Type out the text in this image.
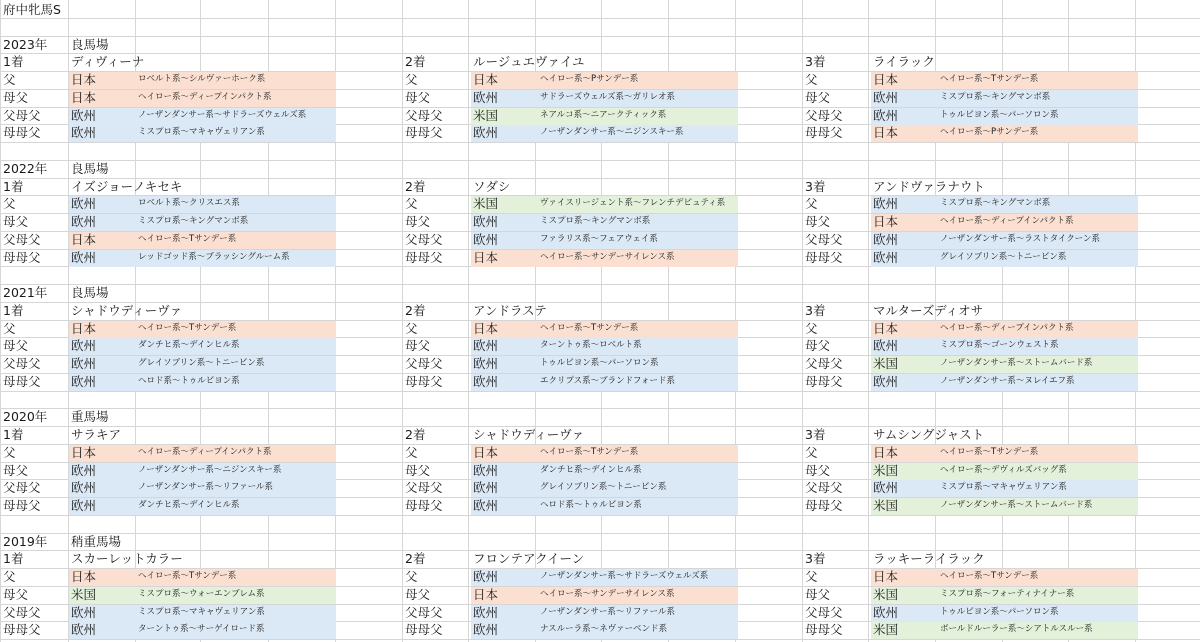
府中牝馬S
2023年 良馬場
1着	ディヴィーナ
父	日本	ロベルト系～シルヴァーホーク系
母父	日本	ヘイロー系～ディープインパクト系
父母父 欧州	ノーザンダンサー系～サドラーズウェルズ系
母母父 欧州	ミスプロ系～マキャヴェリアン系
2着	ルージュエヴァイユ
父	日本	ヘイロー系～Pサンデー系
母父	欧州	サドラーズウェルズ系～ガリレオ系
父母父 米国	ネアルコ系～ニアークティック系
母母父 欧州	ノーザンダンサー系～ニジンスキー系
3着	ライラック
父	日本	ヘイロー系～Tサンデー系
母父	欧州	ミスプロ系～キングマンボ系
父母父 欧州	トゥルビヨン系～パーソロン系
母母父 日本	ヘイロー系～Pサンデー系
2022年 良馬場
1着	イズジョーノキセキ
父	欧州	ロベルト系～クリスエス系
母父	欧州	ミスプロ系～キングマンボ系
父母父 日本	ヘイロー系～Tサンデー系
母母父 欧州	レッドゴッド系～ブラッシングルーム系
2着	ソダシ
父	米国	ヴァイスリージェント系～フレンチデピュティ系
母父	欧州	ミスプロ系～キングマンボ系
父母父 欧州	ファラリス系～フェアウェイ系
母母父 日本	ヘイロー系～サンデーサイレンス系
3着	アンドヴァラナウト
父	欧州	ミスプロ系～キングマンボ系
母父	日本	ヘイロー系～ディープインパクト系
父母父 欧州	ノーザンダンサー系～ラストタイクーン系
母母父 欧州	グレイソブリン系～トニービン系
2021年 良馬場
1着	シャドウディーヴァ
父	日本	ヘイロー系～Tサンデー系
母父	欧州	ダンチヒ系～デインヒル系
父母父 欧州	グレイソブリン系～トニービン系
母母父 欧州	ヘロド系～トゥルビヨン系
2着	アンドラステ
父	日本	ヘイロー系～Tサンデー系
母父	欧州	ターントゥ系～ロベルト系
父母父 欧州	トゥルビヨン系～パーソロン系
母母父 欧州	エクリプス系～ブランドフォード系
3着	マルターズディオサ
父	日本	ヘイロー系～ディープインパクト系
母父	欧州	ミスプロ系～ゴーンウェスト系
父母父 米国	ノーザンダンサー系～ストームバード系
母母父 欧州	ノーザンダンサー系～ヌレイエフ系
2020年 重馬場
1着	サラキア
父	日本	ヘイロー系～ディープインパクト系
母父	欧州	ノーザンダンサー系～ニジンスキー系
父母父 欧州	ノーザンダンサー系～リファール系
母母父 欧州	ダンチヒ系～デインヒル系
2着	シャドウディーヴァ
父	日本	ヘイロー系～Tサンデー系
母父	欧州	ダンチヒ系～デインヒル系
父母父 欧州	グレイソブリン系～トニービン系
母母父 欧州	ヘロド系～トゥルビヨン系
3着	サムシングジャスト
父	日本	ヘイロー系～Tサンデー系
母父	米国	ヘイロー系～デヴィルズバッグ系
父母父 欧州	ミスプロ系～マキャヴェリアン系
母母父 米国	ノーザンダンサー系～ストームバード系
2019年 稍重馬場
1着	スカーレットカラー
父	日本	ヘイロー系～Tサンデー系
母父	米国	ミスプロ系～ウォーエンブレム系
父母父 欧州	ミスプロ系～マキャヴェリアン系
母母父 欧州	ターントゥ系～サーゲイロード系
2着	フロンテアクイーン
父	欧州	ノーザンダンサー系～サドラーズウェルズ系
母父	日本	ヘイロー系～サンデーサイレンス系
父母父 欧州	ノーザンダンサー系～リファール系
母母父 欧州	ナスルーラ系～ネヴァーベンド系
3着	ラッキーライラック
父	日本	ヘイロー系～Tサンデー系
母父	米国	ミスプロ系～フォーティナイナー系
父母父 欧州	トゥルビヨン系～パーソロン系
母母父 米国	ボールドルーラー系～シアトルスルー系
